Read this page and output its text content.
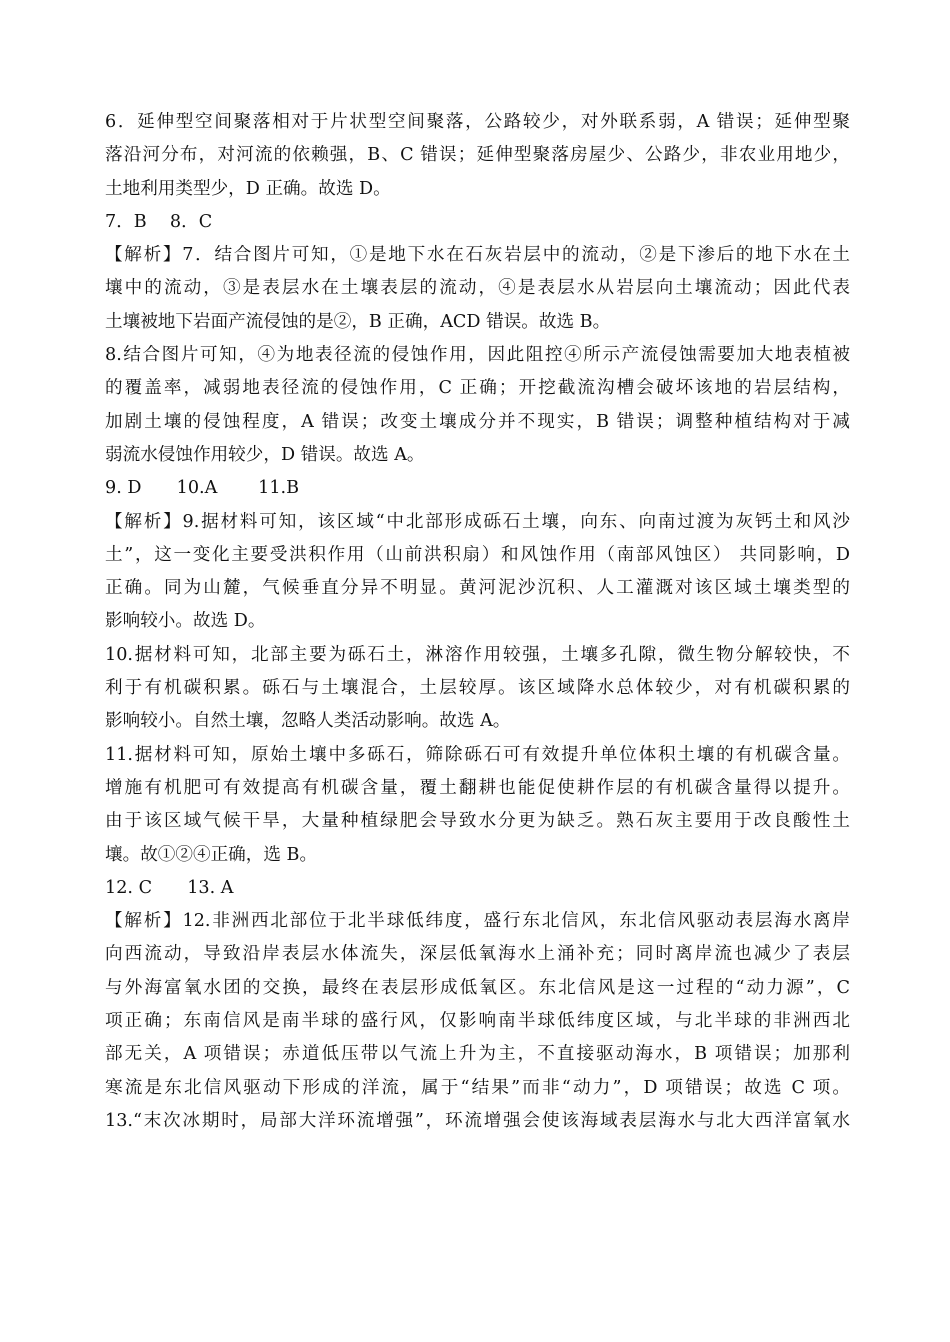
6．延伸型空间聚落相对于片状型空间聚落，公路较少，对外联系弱，A 错误；延伸型聚
落沿河分布，对河流的依赖强，B、C 错误；延伸型聚落房屋少、公路少，非农业用地少，
土地利用类型少，D 正确。故选 D。
7．B　 8．C
【解析】7．结合图片可知，①是地下水在石灰岩层中的流动，②是下渗后的地下水在土
壤中的流动，③是表层水在土壤表层的流动，④是表层水从岩层向土壤流动；因此代表
土壤被地下岩面产流侵蚀的是②，B 正确，ACD 错误。故选 B。
8.结合图片可知，④为地表径流的侵蚀作用，因此阻控④所示产流侵蚀需要加大地表植被
的覆盖率，减弱地表径流的侵蚀作用，C 正确；开挖截流沟槽会破坏该地的岩层结构，
加剧土壤的侵蚀程度，A 错误；改变土壤成分并不现实，B 错误；调整种植结构对于减
弱流水侵蚀作用较少，D 错误。故选 A。
9. D　　10.A　　 11.B
【解析】9.据材料可知，该区域“中北部形成砾石土壤，向东、向南过渡为灰钙土和风沙
土”，这一变化主要受洪积作用（山前洪积扇）和风蚀作用（南部风蚀区） 共同影响，D
正确。同为山麓，气候垂直分异不明显。黄河泥沙沉积、人工灌溉对该区域土壤类型的
影响较小。故选 D。
10.据材料可知，北部主要为砾石土，淋溶作用较强，土壤多孔隙，微生物分解较快，不
利于有机碳积累。砾石与土壤混合，土层较厚。该区域降水总体较少，对有机碳积累的
影响较小。自然土壤，忽略人类活动影响。故选 A。
11.据材料可知，原始土壤中多砾石，筛除砾石可有效提升单位体积土壤的有机碳含量。
增施有机肥可有效提高有机碳含量，覆土翻耕也能促使耕作层的有机碳含量得以提升。
由于该区域气候干旱，大量种植绿肥会导致水分更为缺乏。熟石灰主要用于改良酸性土
壤。故①②④正确，选 B。
12. C　　13. A
【解析】12.非洲西北部位于北半球低纬度，盛行东北信风，东北信风驱动表层海水离岸
向西流动，导致沿岸表层水体流失，深层低氧海水上涌补充；同时离岸流也减少了表层
与外海富氧水团的交换，最终在表层形成低氧区。东北信风是这一过程的“动力源”，C
项正确；东南信风是南半球的盛行风，仅影响南半球低纬度区域，与北半球的非洲西北
部无关，A 项错误；赤道低压带以气流上升为主，不直接驱动海水，B 项错误；加那利
寒流是东北信风驱动下形成的洋流，属于“结果”而非“动力”，D 项错误；故选 C 项。
13.“末次冰期时，局部大洋环流增强”，环流增强会使该海域表层海水与北大西洋富氧水
